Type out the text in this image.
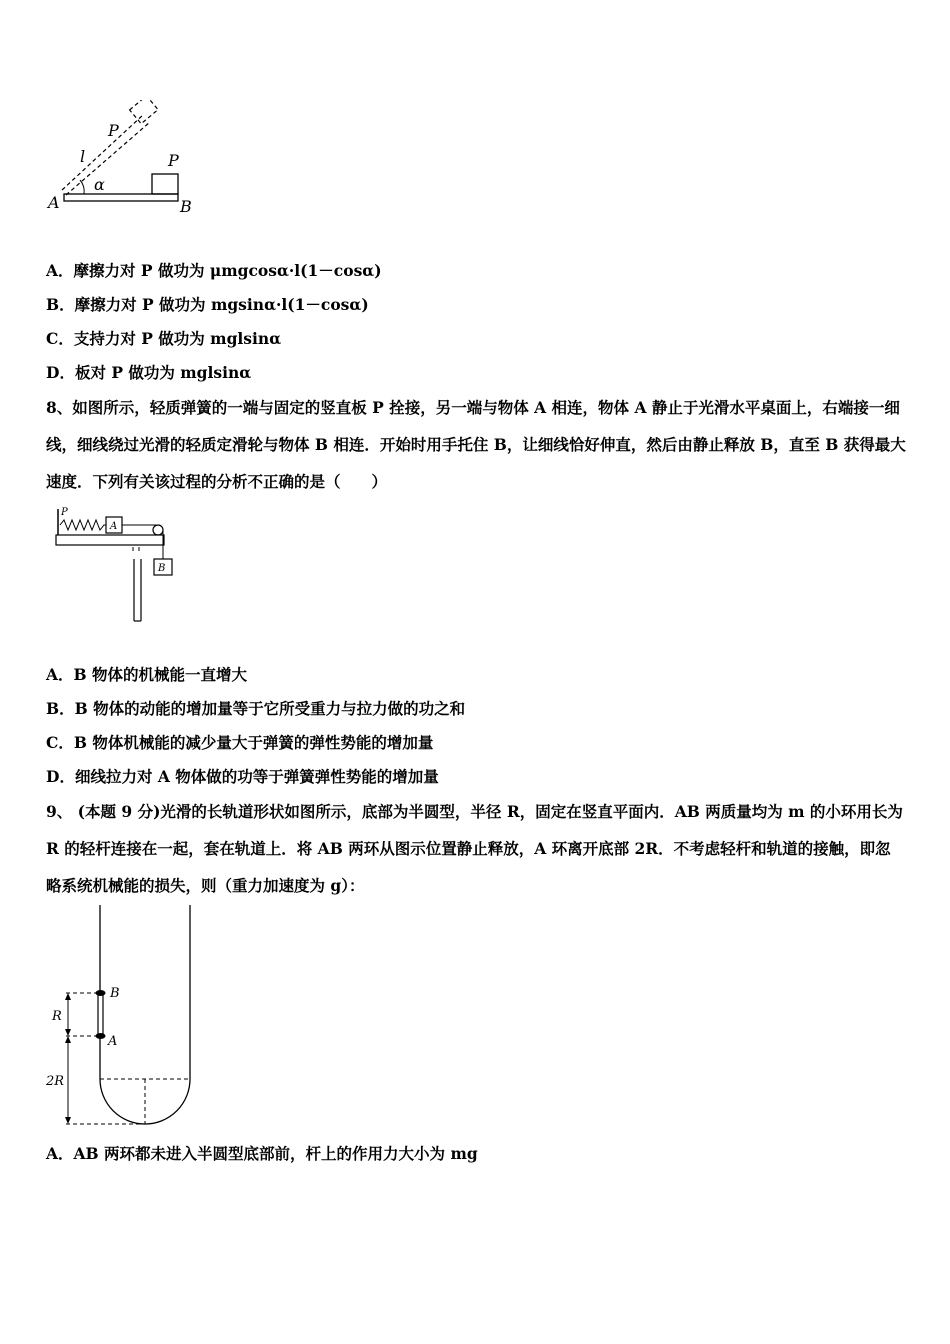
P
l	P
α
A	B
A．摩擦力对 P 做功为 μmgcosα·l(1－cosα)
B．摩擦力对 P 做功为 mgsinα·l(1－cosα)
C．支持力对 P 做功为 mglsinα
D．板对 P 做功为 mglsinα
8、如图所示，轻质弹簧的一端与固定的竖直板 P 拴接，另一端与物体 A 相连，物体 A 静止于光滑水平桌面上，右端接一细线，细线绕过光滑的轻质定滑轮与物体 B 相连．开始时用手托住 B，让细线恰好伸直，然后由静止释放 B，直至 B 获得最大速度．下列有关该过程的分析不正确的是（　　）
P
A
B
A．B 物体的机械能一直增大
B．B 物体的动能的增加量等于它所受重力与拉力做的功之和
C．B 物体机械能的减少量大于弹簧的弹性势能的增加量
D．细线拉力对 A 物体做的功等于弹簧弹性势能的增加量
9、 (本题 9 分)光滑的长轨道形状如图所示，底部为半圆型，半径 R，固定在竖直平面内．AB 两质量均为 m 的小环用长为 R 的轻杆连接在一起，套在轨道上．将 AB 两环从图示位置静止释放，A 环离开底部 2R．不考虑轻杆和轨道的接触，即忽略系统机械能的损失，则（重力加速度为 g）：
B
A
R
2R
A．AB 两环都未进入半圆型底部前，杆上的作用力大小为 mg
